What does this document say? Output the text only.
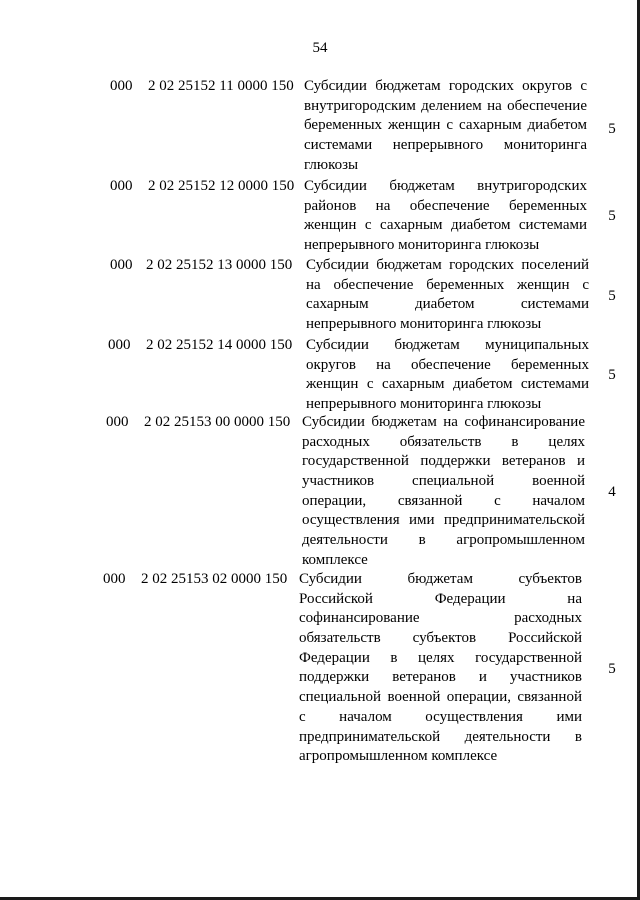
54
000 2 02 25152 11 0000 150 Субсидии бюджетам городских округов с
внутригородским делением на обеспечение
беременных женщин с сахарным диабетом
системами непрерывного мониторинга
глюкозы
5
000 2 02 25152 12 0000 150 Субсидии бюджетам внутригородских
районов на обеспечение беременных
женщин с сахарным диабетом системами
непрерывного мониторинга глюкозы
5
000 2 02 25152 13 0000 150 Субсидии бюджетам городских поселений
на обеспечение беременных женщин с
сахарным диабетом системами
непрерывного мониторинга глюкозы
5
000 2 02 25152 14 0000 150 Субсидии бюджетам муниципальных
округов на обеспечение беременных
женщин с сахарным диабетом системами
непрерывного мониторинга глюкозы
5
000 2 02 25153 00 0000 150 Субсидии бюджетам на софинансирование
расходных обязательств в целях
государственной поддержки ветеранов и
участников специальной военной
операции, связанной с началом
осуществления ими предпринимательской
деятельности в агропромышленном
комплексе
4
000 2 02 25153 02 0000 150 Субсидии бюджетам субъектов
Российской Федерации на
софинансирование расходных
обязательств субъектов Российской
Федерации в целях государственной
поддержки ветеранов и участников
специальной военной операции, связанной
с началом осуществления ими
предпринимательской деятельности в
агропромышленном комплексе
5
